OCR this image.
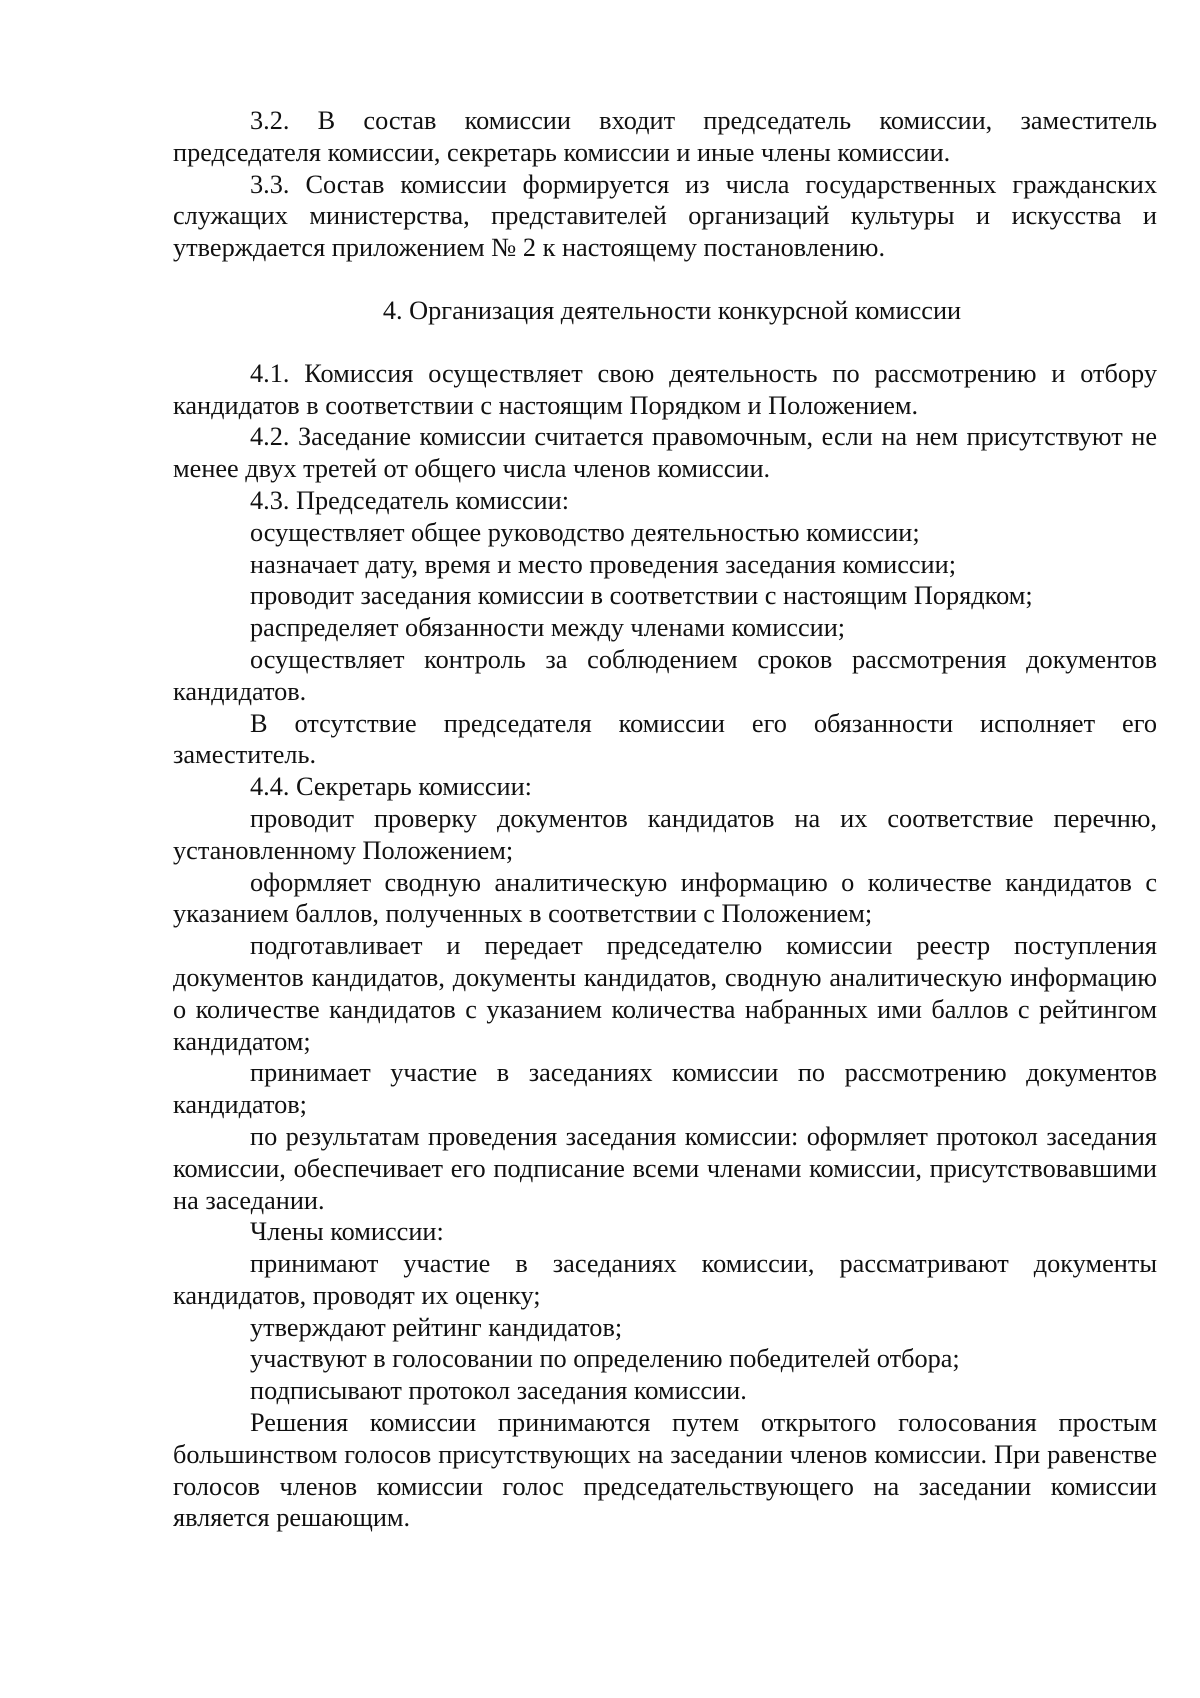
3.2. В состав комиссии входит председатель комиссии, заместитель председателя комиссии, секретарь комиссии и иные члены комиссии.

3.3. Состав комиссии формируется из числа государственных гражданских служащих министерства, представителей организаций культуры и искусства и утверждается приложением № 2 к настоящему постановлению.

4. Организация деятельности конкурсной комиссии

4.1. Комиссия осуществляет свою деятельность по рассмотрению и отбору кандидатов в соответствии с настоящим Порядком и Положением.

4.2. Заседание комиссии считается правомочным, если на нем присутствуют не менее двух третей от общего числа членов комиссии.

4.3. Председатель комиссии:

осуществляет общее руководство деятельностью комиссии;

назначает дату, время и место проведения заседания комиссии;

проводит заседания комиссии в соответствии с настоящим Порядком;

распределяет обязанности между членами комиссии;

осуществляет контроль за соблюдением сроков рассмотрения документов кандидатов.

В отсутствие председателя комиссии его обязанности исполняет его заместитель.

4.4. Секретарь комиссии:

проводит проверку документов кандидатов на их соответствие перечню, установленному Положением;

оформляет сводную аналитическую информацию о количестве кандидатов с указанием баллов, полученных в соответствии с Положением;

подготавливает и передает председателю комиссии реестр поступления документов кандидатов, документы кандидатов, сводную аналитическую информацию о количестве кандидатов с указанием количества набранных ими баллов с рейтингом кандидатом;

принимает участие в заседаниях комиссии по рассмотрению документов кандидатов;

по результатам проведения заседания комиссии: оформляет протокол заседания комиссии, обеспечивает его подписание всеми членами комиссии, присутствовавшими на заседании.

Члены комиссии:

принимают участие в заседаниях комиссии, рассматривают документы кандидатов, проводят их оценку;

утверждают рейтинг кандидатов;

участвуют в голосовании по определению победителей отбора;

подписывают протокол заседания комиссии.

Решения комиссии принимаются путем открытого голосования простым большинством голосов присутствующих на заседании членов комиссии. При равенстве голосов членов комиссии голос председательствующего на заседании комиссии является решающим.
